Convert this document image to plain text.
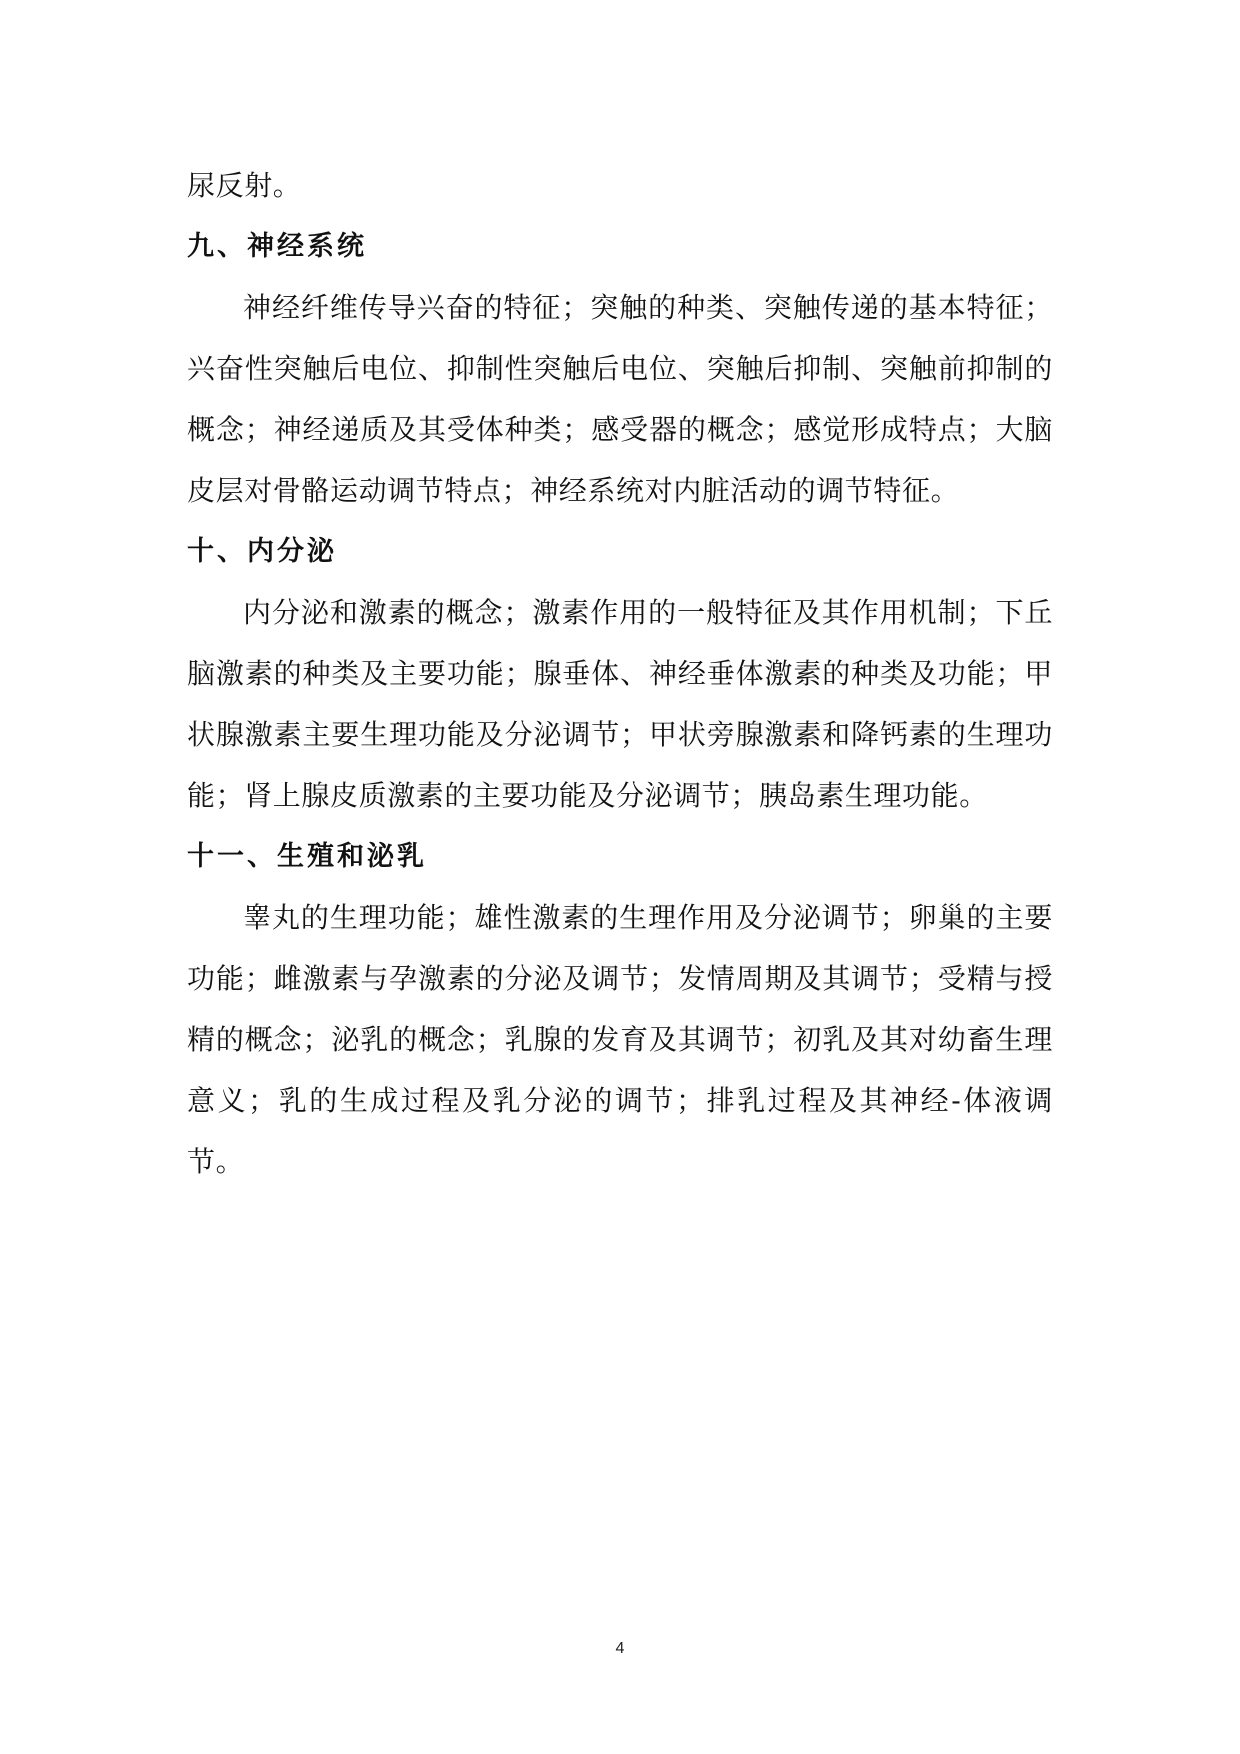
尿反射。

九、神经系统

神经纤维传导兴奋的特征；突触的种类、突触传递的基本特征；兴奋性突触后电位、抑制性突触后电位、突触后抑制、突触前抑制的概念；神经递质及其受体种类；感受器的概念；感觉形成特点；大脑皮层对骨骼运动调节特点；神经系统对内脏活动的调节特征。

十、内分泌

内分泌和激素的概念；激素作用的一般特征及其作用机制；下丘脑激素的种类及主要功能；腺垂体、神经垂体激素的种类及功能；甲状腺激素主要生理功能及分泌调节；甲状旁腺激素和降钙素的生理功能；肾上腺皮质激素的主要功能及分泌调节；胰岛素生理功能。

十一、生殖和泌乳

睾丸的生理功能；雄性激素的生理作用及分泌调节；卵巢的主要功能；雌激素与孕激素的分泌及调节；发情周期及其调节；受精与授精的概念；泌乳的概念；乳腺的发育及其调节；初乳及其对幼畜生理意义；乳的生成过程及乳分泌的调节；排乳过程及其神经-体液调节。

4
